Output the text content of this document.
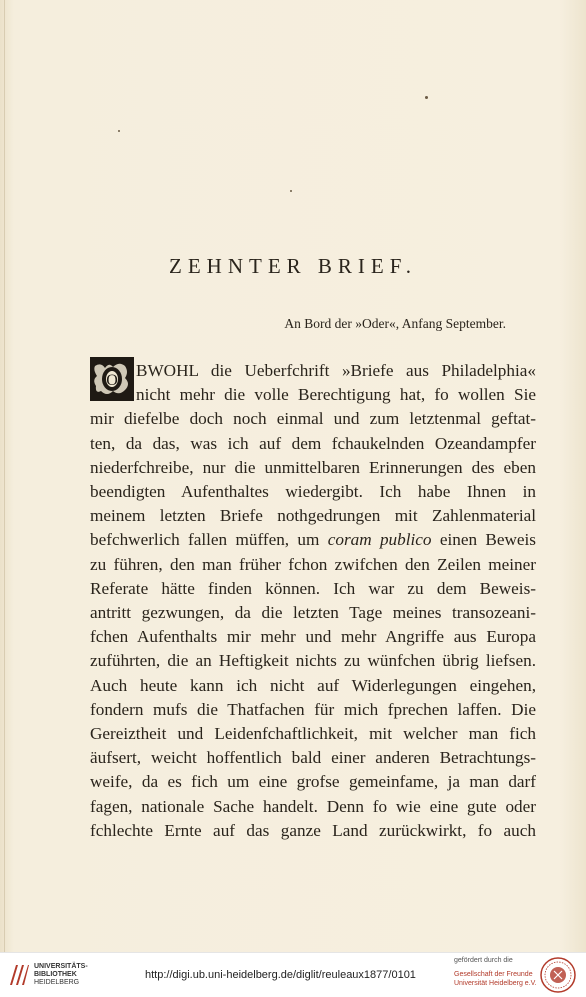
ZEHNTER BRIEF.

An Bord der »Oder«, Anfang September.

O
BWOHL die Ueberfchrift »Briefe aus Philadelphia«
nicht mehr die volle Berechtigung hat, fo wollen Sie
mir diefelbe doch noch einmal und zum letztenmal geftat-
ten, da das, was ich auf dem fchaukelnden Ozeandampfer
niederfchreibe, nur die unmittelbaren Erinnerungen des eben
beendigten Aufenthaltes wiedergibt. Ich habe Ihnen in
meinem letzten Briefe nothgedrungen mit Zahlenmaterial
befchwerlich fallen müffen, um coram publico einen Beweis
zu führen, den man früher fchon zwifchen den Zeilen meiner
Referate hätte finden können. Ich war zu dem Beweis-
antritt gezwungen, da die letzten Tage meines transozeani-
fchen Aufenthalts mir mehr und mehr Angriffe aus Europa
zuführten, die an Heftigkeit nichts zu wünfchen übrig liefsen.
Auch heute kann ich nicht auf Widerlegungen eingehen,
fondern mufs die Thatfachen für mich fprechen laffen. Die
Gereiztheit und Leidenfchaftlichkeit, mit welcher man fich
äufsert, weicht hoffentlich bald einer anderen Betrachtungs-
weife, da es fich um eine grofse gemeinfame, ja man darf
fagen, nationale Sache handelt. Denn fo wie eine gute oder
fchlechte Ernte auf das ganze Land zurückwirkt, fo auch
UNIVERSITÄTS-
BIBLIOTHEK
HEIDELBERG
http://digi.ub.uni-heidelberg.de/diglit/reuleaux1877/0101
gefördert durch die
Gesellschaft der Freunde
Universität Heidelberg e.V.
